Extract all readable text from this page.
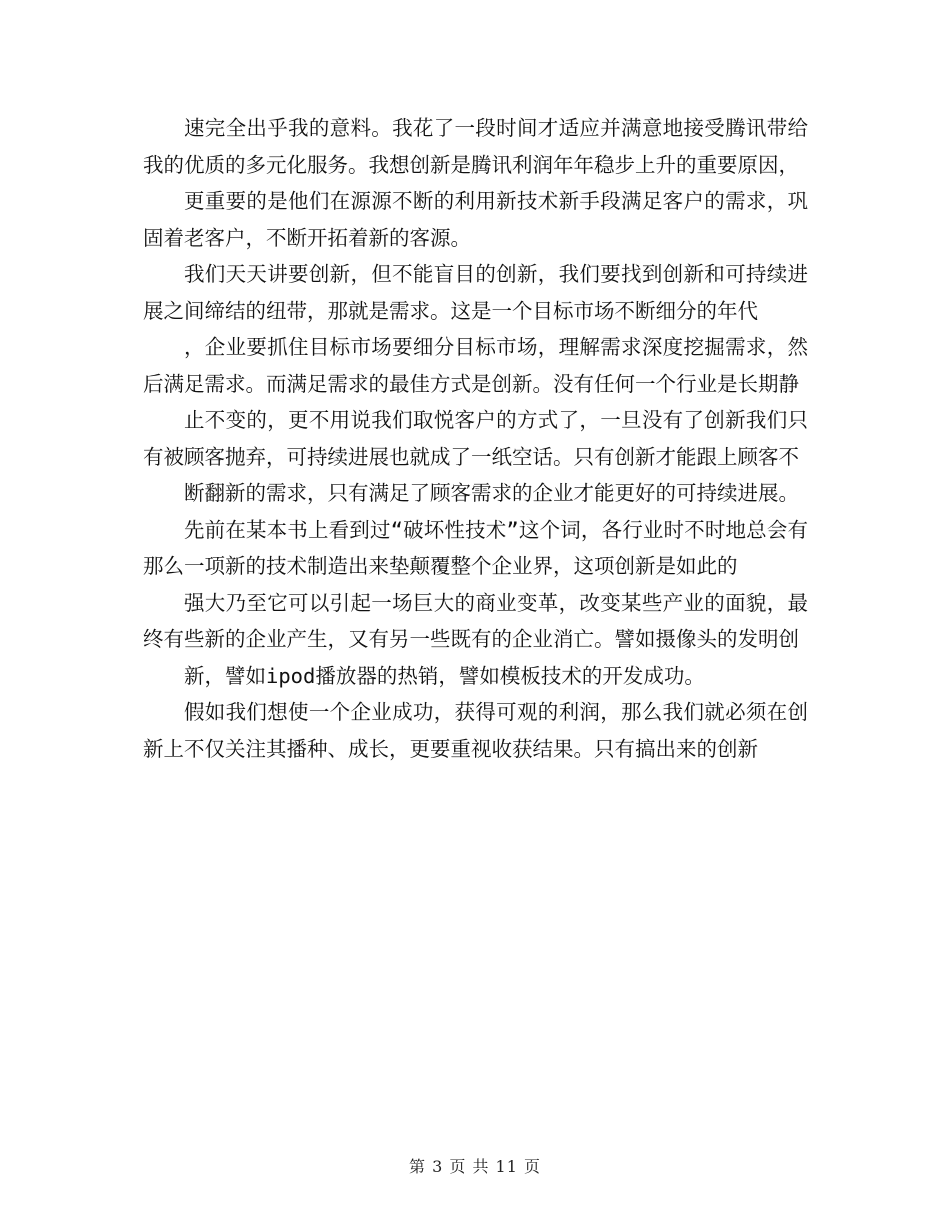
速完全出乎我的意料。我花了一段时间才适应并满意地接受腾讯带给我的优质的多元化服务。我想创新是腾讯利润年年稳步上升的重要原因，

更重要的是他们在源源不断的利用新技术新手段满足客户的需求，巩固着老客户，不断开拓着新的客源。

我们天天讲要创新，但不能盲目的创新，我们要找到创新和可持续进展之间缔结的纽带，那就是需求。这是一个目标市场不断细分的年代

，企业要抓住目标市场要细分目标市场，理解需求深度挖掘需求，然后满足需求。而满足需求的最佳方式是创新。没有任何一个行业是长期静

止不变的，更不用说我们取悦客户的方式了，一旦没有了创新我们只有被顾客抛弃，可持续进展也就成了一纸空话。只有创新才能跟上顾客不

断翻新的需求，只有满足了顾客需求的企业才能更好的可持续进展。

先前在某本书上看到过“破坏性技术”这个词，各行业时不时地总会有那么一项新的技术制造出来垫颠覆整个企业界，这项创新是如此的

强大乃至它可以引起一场巨大的商业变革，改变某些产业的面貌，最终有些新的企业产生，又有另一些既有的企业消亡。譬如摄像头的发明创

新，譬如ipod播放器的热销，譬如模板技术的开发成功。

假如我们想使一个企业成功，获得可观的利润，那么我们就必须在创新上不仅关注其播种、成长，更要重视收获结果。只有搞出来的创新

第 3 页 共 11 页
